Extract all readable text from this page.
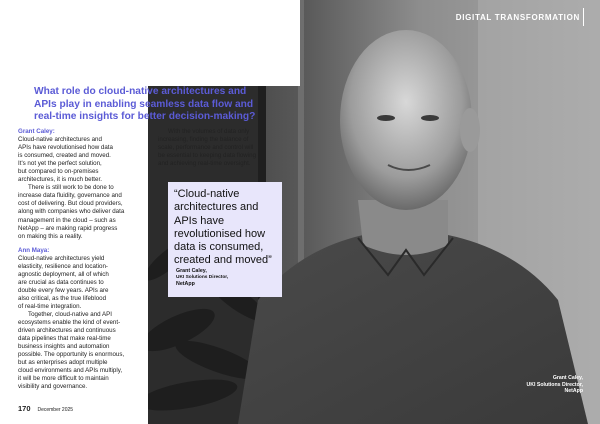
DIGITAL TRANSFORMATION
What role do cloud-native architectures and APIs play in enabling seamless data flow and real-time insights for better decision-making?

Grant Caley:

Cloud-native architectures and
APIs have revolutionised how data
is consumed, created and moved.
It's not yet the perfect solution,
but compared to on-premises
architectures, it is much better.

There is still work to be done to
increase data fluidity, governance and
cost of delivering. But cloud providers,
along with companies who deliver data
management in the cloud – such as
NetApp – are making rapid progress
on making this a reality.

Ann Maya:

Cloud-native architectures yield
elasticity, resilience and location-
agnostic deployment, all of which
are crucial as data continues to
double every few years. APIs are
also critical, as the true lifeblood
of real-time integration.

Together, cloud-native and API
ecosystems enable the kind of event-
driven architectures and continuous
data pipelines that make real-time
business insights and automation
possible. The opportunity is enormous,
but as enterprises adopt multiple
cloud environments and APIs multiply,
it will be more difficult to maintain
visibility and governance.

With the volumes of data only
increasing, finding the balance of
scale, performance and control will
be essential to keeping data flowing
and achieving real-time oversight.

“Cloud-native
architectures and
APIs have
revolutionised how
data is consumed,
created and moved”
Grant Caley,
UKI Solutions Director,
NetApp
Grant Caley,
UKI Solutions Director,
NetApp
170 December 2025
